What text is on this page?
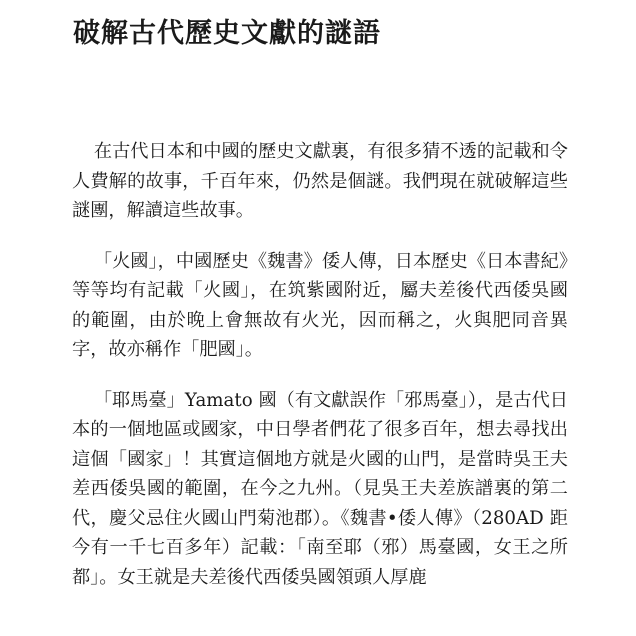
破解古代歷史文獻的謎語

在古代日本和中國的歷史文獻裏，有很多猜不透的記載和令人費解的故事，千百年來，仍然是個謎。我們現在就破解這些謎團，解讀這些故事。

「火國」，中國歷史《魏書》倭人傳，日本歷史《日本書紀》等等均有記載「火國」，在筑紫國附近，屬夫差後代西倭吳國的範圍，由於晚上會無故有火光，因而稱之，火與肥同音異字，故亦稱作「肥國」。

「耶馬臺」Yamato 國（有文獻誤作「邪馬臺」），是古代日本的一個地區或國家，中日學者們花了很多百年，想去尋找出這個「國家」！其實這個地方就是火國的山門，是當時吳王夫差西倭吳國的範圍，在今之九州。（見吳王夫差族譜裏的第二代，慶父忌住火國山門菊池郡）。《魏書•倭人傳》（280AD 距今有一千七百多年）記載：「南至耶（邪）馬臺國，女王之所都」。女王就是夫差後代西倭吳國領頭人厚鹿
